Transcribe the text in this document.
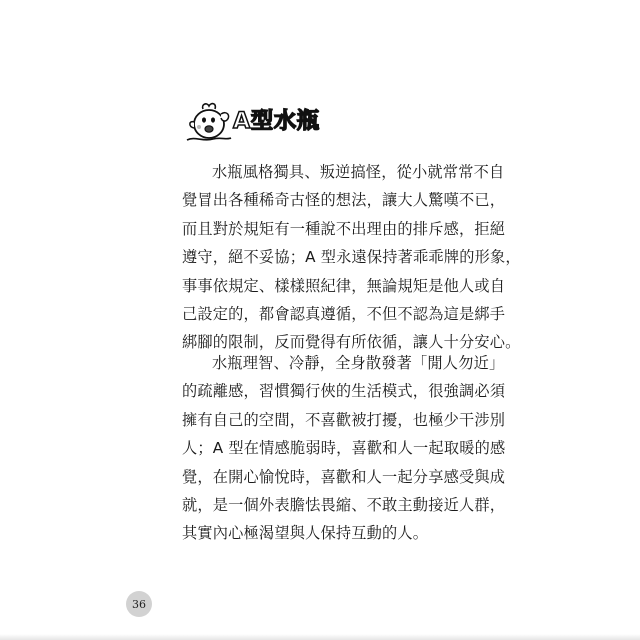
A型水瓶
水瓶風格獨具、叛逆搞怪，從小就常常不自
覺冒出各種稀奇古怪的想法，讓大人驚嘆不已，
而且對於規矩有一種說不出理由的排斥感，拒絕
遵守，絕不妥協；A 型永遠保持著乖乖牌的形象，
事事依規定、樣樣照紀律，無論規矩是他人或自
己設定的，都會認真遵循，不但不認為這是綁手
綁腳的限制，反而覺得有所依循，讓人十分安心。
水瓶理智、冷靜，全身散發著「閒人勿近」
的疏離感，習慣獨行俠的生活模式，很強調必須
擁有自己的空間，不喜歡被打擾，也極少干涉別
人；A 型在情感脆弱時，喜歡和人一起取暖的感
覺，在開心愉悅時，喜歡和人一起分享感受與成
就，是一個外表膽怯畏縮、不敢主動接近人群，
其實內心極渴望與人保持互動的人。
36
